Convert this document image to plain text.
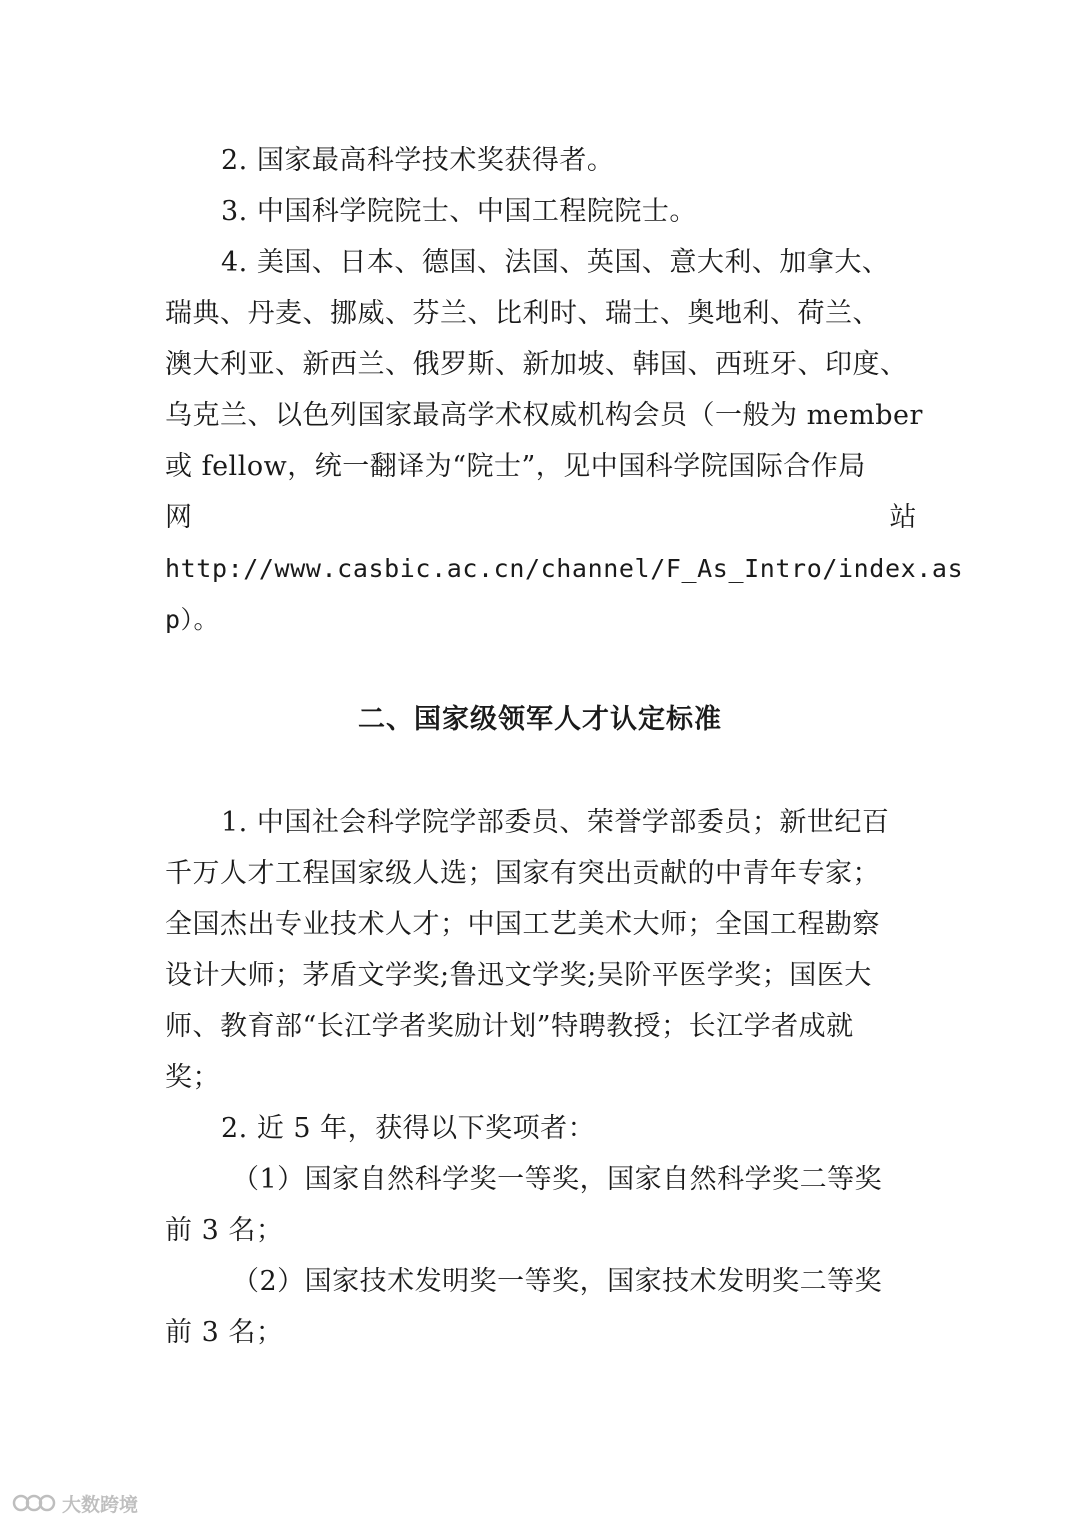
2. 国家最高科学技术奖获得者。
3. 中国科学院院士、中国工程院院士。
4. 美国、日本、德国、法国、英国、意大利、加拿大、
瑞典、丹麦、挪威、芬兰、比利时、瑞士、奥地利、荷兰、
澳大利亚、新西兰、俄罗斯、新加坡、韩国、西班牙、印度、
乌克兰、以色列国家最高学术权威机构会员（一般为 member
或 fellow，统一翻译为“院士”，见中国科学院国际合作局
网	站
http://www.casbic.ac.cn/channel/F_As_Intro/index.as
p）。
二、国家级领军人才认定标准
1. 中国社会科学院学部委员、荣誉学部委员；新世纪百
千万人才工程国家级人选；国家有突出贡献的中青年专家；
全国杰出专业技术人才；中国工艺美术大师；全国工程勘察
设计大师；茅盾文学奖;鲁迅文学奖;吴阶平医学奖；国医大
师、教育部“长江学者奖励计划”特聘教授；长江学者成就
奖；
2. 近 5 年，获得以下奖项者：
（1）国家自然科学奖一等奖，国家自然科学奖二等奖
前 3 名；
（2）国家技术发明奖一等奖，国家技术发明奖二等奖
前 3 名；
大数跨境
